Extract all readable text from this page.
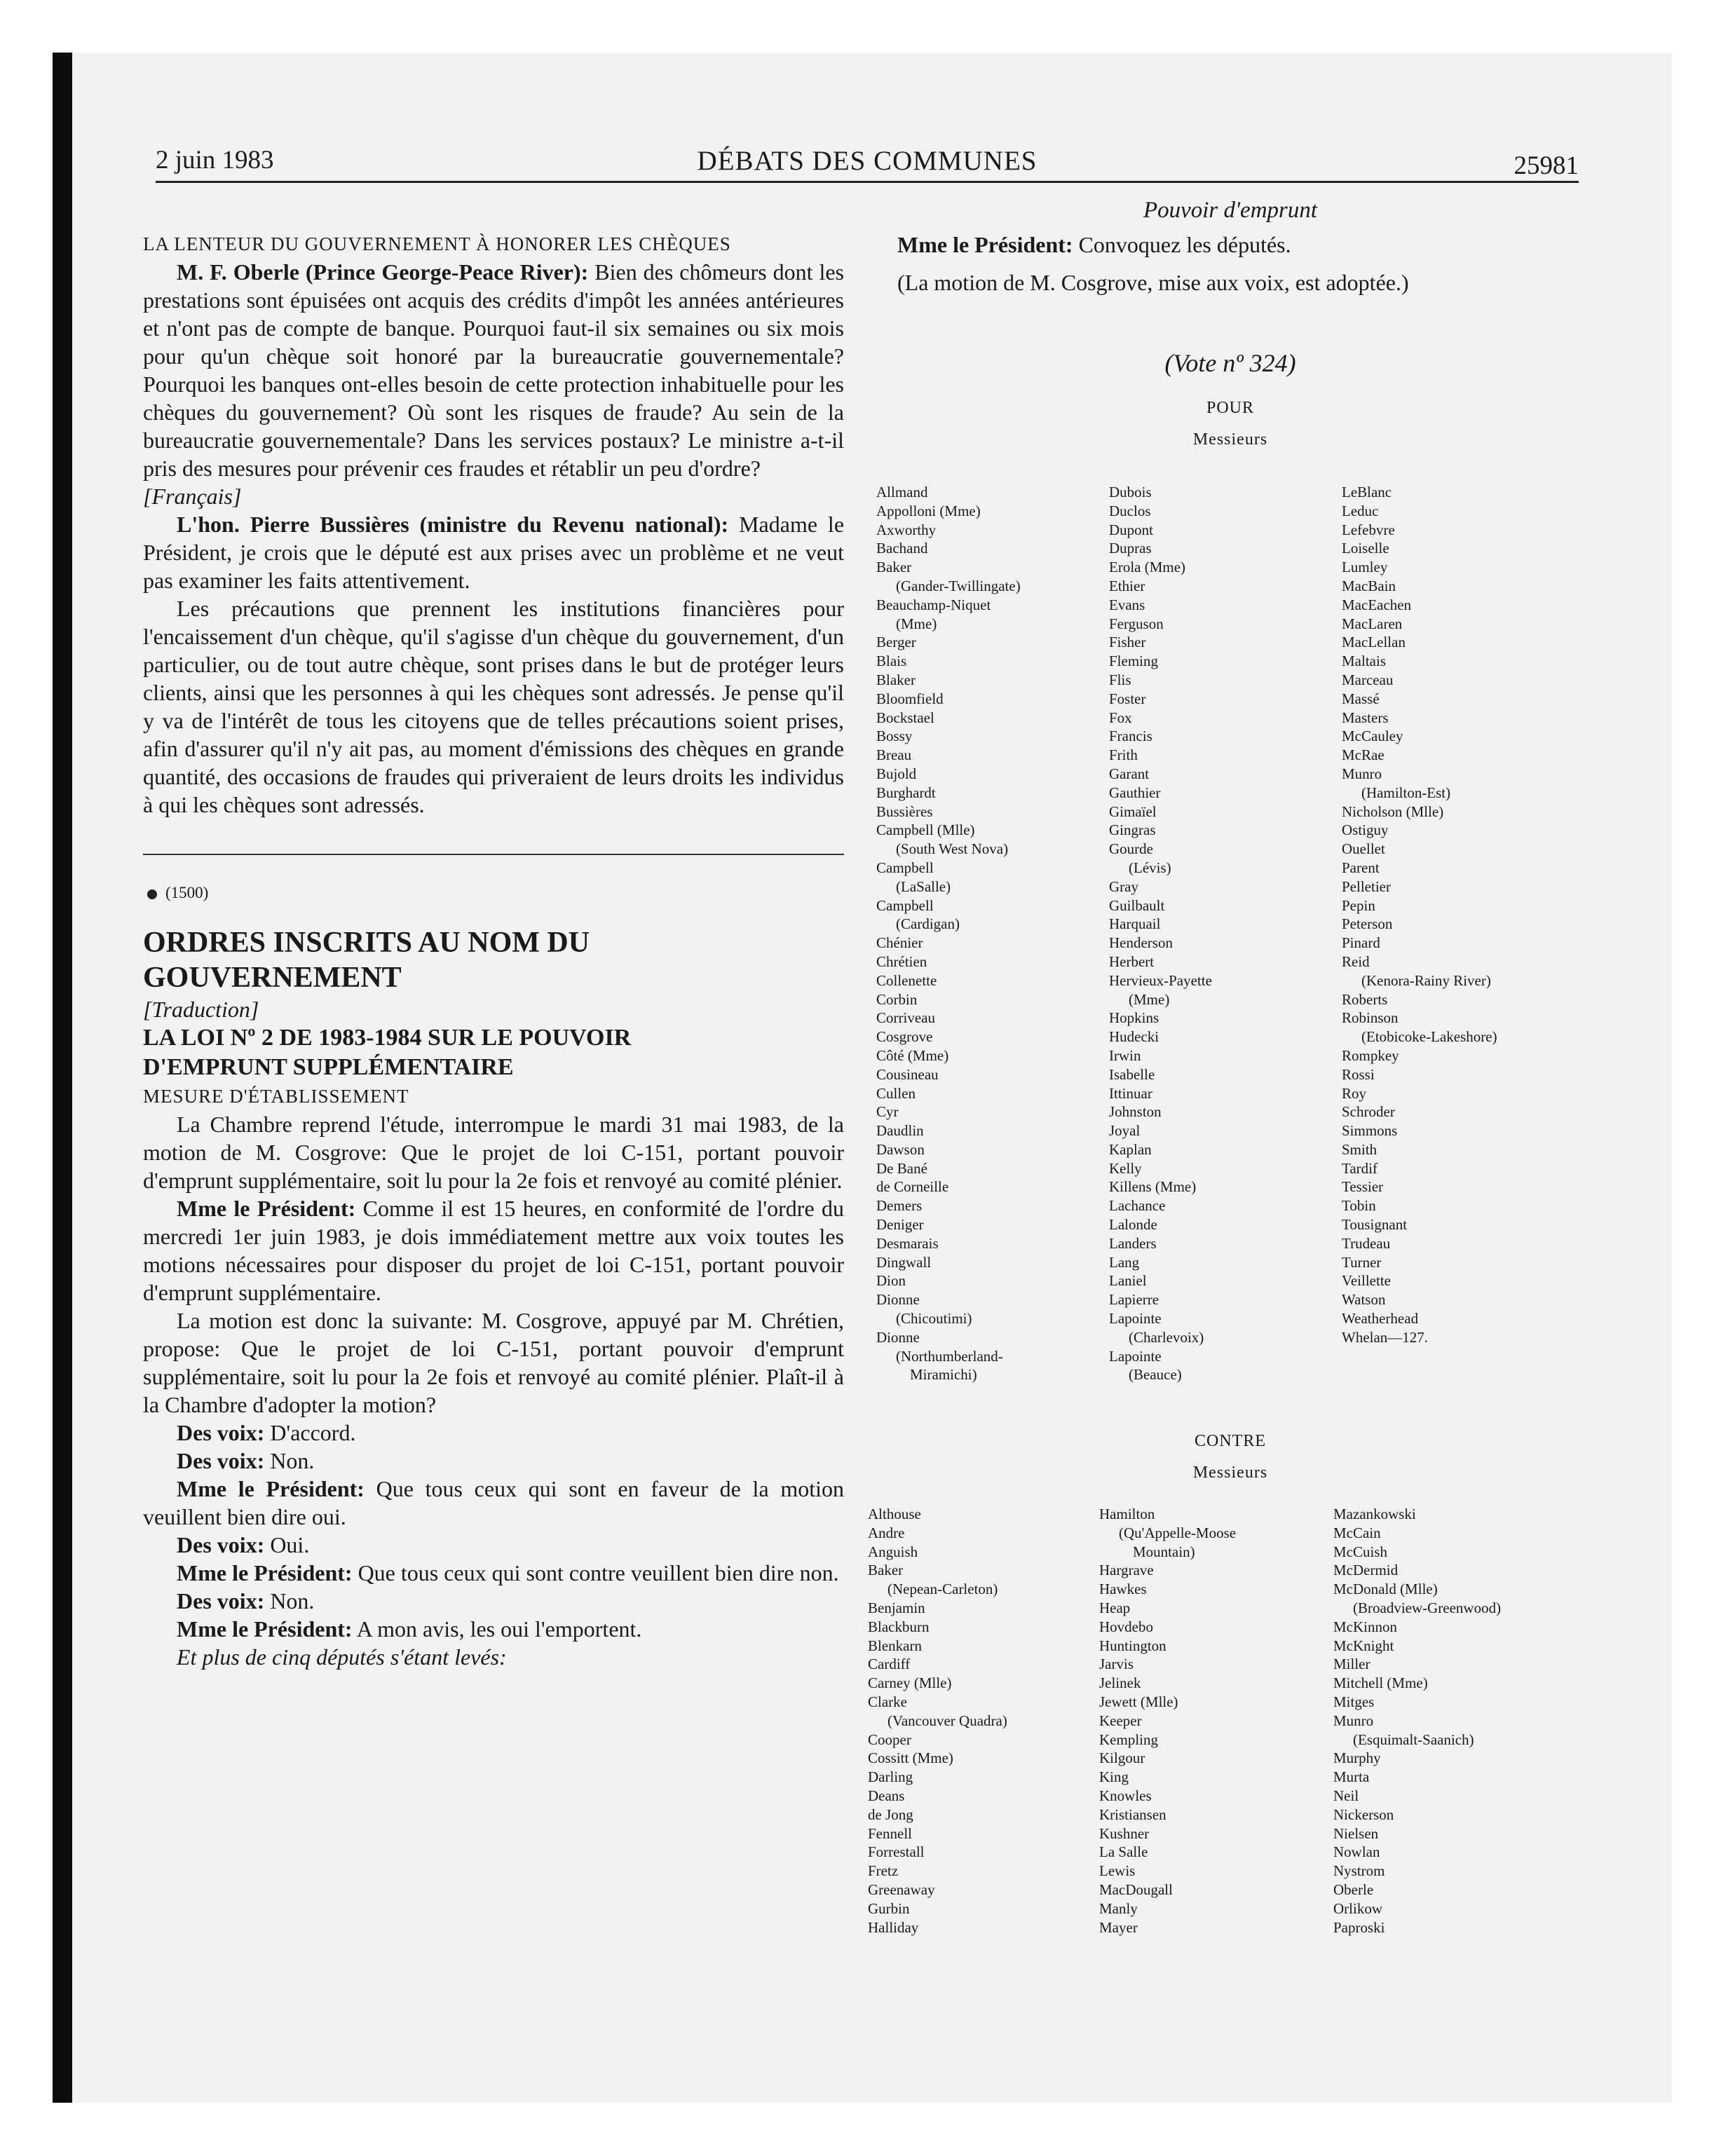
2 juin 1983	DÉBATS DES COMMUNES	25981

LA LENTEUR DU GOUVERNEMENT À HONORER LES CHÈQUES

M. F. Oberle (Prince George-Peace River): Bien des chômeurs dont les prestations sont épuisées ont acquis des crédits d'impôt les années antérieures et n'ont pas de compte de banque. Pourquoi faut-il six semaines ou six mois pour qu'un chèque soit honoré par la bureaucratie gouvernementale? Pourquoi les banques ont-elles besoin de cette protection inhabituelle pour les chèques du gouvernement? Où sont les risques de fraude? Au sein de la bureaucratie gouvernementale? Dans les services postaux? Le ministre a-t-il pris des mesures pour prévenir ces fraudes et rétablir un peu d'ordre?

[Français]

L'hon. Pierre Bussières (ministre du Revenu national): Madame le Président, je crois que le député est aux prises avec un problème et ne veut pas examiner les faits attentivement.

Les précautions que prennent les institutions financières pour l'encaissement d'un chèque, qu'il s'agisse d'un chèque du gouvernement, d'un particulier, ou de tout autre chèque, sont prises dans le but de protéger leurs clients, ainsi que les personnes à qui les chèques sont adressés. Je pense qu'il y va de l'intérêt de tous les citoyens que de telles précautions soient prises, afin d'assurer qu'il n'y ait pas, au moment d'émissions des chèques en grande quantité, des occasions de fraudes qui priveraient de leurs droits les individus à qui les chèques sont adressés.

(1500)

ORDRES INSCRITS AU NOM DU
GOUVERNEMENT

[Traduction]

LA LOI Nº 2 DE 1983-1984 SUR LE POUVOIR
D'EMPRUNT SUPPLÉMENTAIRE

MESURE D'ÉTABLISSEMENT

La Chambre reprend l'étude, interrompue le mardi 31 mai 1983, de la motion de M. Cosgrove: Que le projet de loi C-151, portant pouvoir d'emprunt supplémentaire, soit lu pour la 2e fois et renvoyé au comité plénier.

Mme le Président: Comme il est 15 heures, en conformité de l'ordre du mercredi 1er juin 1983, je dois immédiatement mettre aux voix toutes les motions nécessaires pour disposer du projet de loi C-151, portant pouvoir d'emprunt supplémentaire.

La motion est donc la suivante: M. Cosgrove, appuyé par M. Chrétien, propose: Que le projet de loi C-151, portant pouvoir d'emprunt supplémentaire, soit lu pour la 2e fois et renvoyé au comité plénier. Plaît-il à la Chambre d'adopter la motion?

Des voix: D'accord.

Des voix: Non.

Mme le Président: Que tous ceux qui sont en faveur de la motion veuillent bien dire oui.

Des voix: Oui.

Mme le Président: Que tous ceux qui sont contre veuillent bien dire non.

Des voix: Non.

Mme le Président: A mon avis, les oui l'emportent.

Et plus de cinq députés s'étant levés:

Pouvoir d'emprunt

Mme le Président: Convoquez les députés.

(La motion de M. Cosgrove, mise aux voix, est adoptée.)

(Vote nº 324)
POUR
Messieurs
Allmand
Appolloni (Mme)
Axworthy
Bachand
Baker
(Gander-Twillingate)
Beauchamp-Niquet
(Mme)
Berger
Blais
Blaker
Bloomfield
Bockstael
Bossy
Breau
Bujold
Burghardt
Bussières
Campbell (Mlle)
(South West Nova)
Campbell
(LaSalle)
Campbell
(Cardigan)
Chénier
Chrétien
Collenette
Corbin
Corriveau
Cosgrove
Côté (Mme)
Cousineau
Cullen
Cyr
Daudlin
Dawson
De Bané
de Corneille
Demers
Deniger
Desmarais
Dingwall
Dion
Dionne
(Chicoutimi)
Dionne
(Northumberland-
Miramichi)
Dubois
Duclos
Dupont
Dupras
Erola (Mme)
Ethier
Evans
Ferguson
Fisher
Fleming
Flis
Foster
Fox
Francis
Frith
Garant
Gauthier
Gimaïel
Gingras
Gourde
(Lévis)
Gray
Guilbault
Harquail
Henderson
Herbert
Hervieux-Payette
(Mme)
Hopkins
Hudecki
Irwin
Isabelle
Ittinuar
Johnston
Joyal
Kaplan
Kelly
Killens (Mme)
Lachance
Lalonde
Landers
Lang
Laniel
Lapierre
Lapointe
(Charlevoix)
Lapointe
(Beauce)
LeBlanc
Leduc
Lefebvre
Loiselle
Lumley
MacBain
MacEachen
MacLaren
MacLellan
Maltais
Marceau
Massé
Masters
McCauley
McRae
Munro
(Hamilton-Est)
Nicholson (Mlle)
Ostiguy
Ouellet
Parent
Pelletier
Pepin
Peterson
Pinard
Reid
(Kenora-Rainy River)
Roberts
Robinson
(Etobicoke-Lakeshore)
Rompkey
Rossi
Roy
Schroder
Simmons
Smith
Tardif
Tessier
Tobin
Tousignant
Trudeau
Turner
Veillette
Watson
Weatherhead
Whelan—127.
CONTRE
Messieurs
Althouse
Andre
Anguish
Baker
(Nepean-Carleton)
Benjamin
Blackburn
Blenkarn
Cardiff
Carney (Mlle)
Clarke
(Vancouver Quadra)
Cooper
Cossitt (Mme)
Darling
Deans
de Jong
Fennell
Forrestall
Fretz
Greenaway
Gurbin
Halliday
Hamilton
(Qu'Appelle-Moose
Mountain)
Hargrave
Hawkes
Heap
Hovdebo
Huntington
Jarvis
Jelinek
Jewett (Mlle)
Keeper
Kempling
Kilgour
King
Knowles
Kristiansen
Kushner
La Salle
Lewis
MacDougall
Manly
Mayer
Mazankowski
McCain
McCuish
McDermid
McDonald (Mlle)
(Broadview-Greenwood)
McKinnon
McKnight
Miller
Mitchell (Mme)
Mitges
Munro
(Esquimalt-Saanich)
Murphy
Murta
Neil
Nickerson
Nielsen
Nowlan
Nystrom
Oberle
Orlikow
Paproski
